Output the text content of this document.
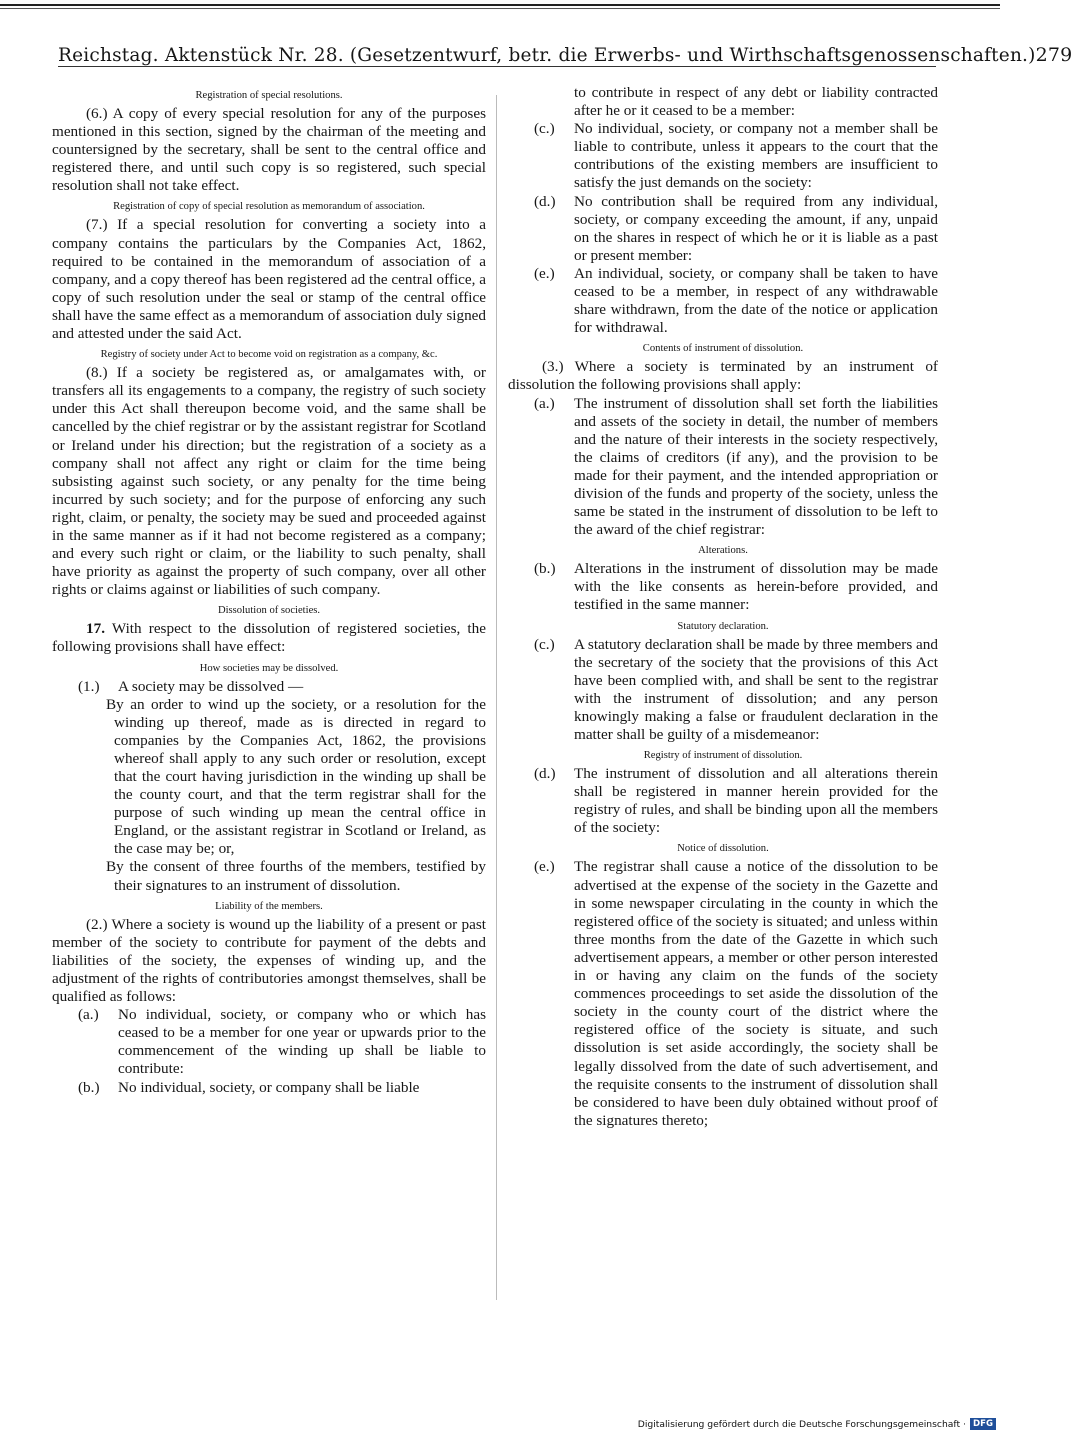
Reichstag. Aktenstück Nr. 28. (Gesetzentwurf, betr. die Erwerbs- und Wirthschaftsgenossenschaften.) 279
Registration of special resolutions.

(6.) A copy of every special resolution for any of the purposes mentioned in this section, signed by the chairman of the meeting and countersigned by the secretary, shall be sent to the central office and registered there, and until such copy is so registered, such special resolution shall not take effect.

Registration of copy of special resolution as memorandum of association.

(7.) If a special resolution for converting a society into a company contains the particulars by the Companies Act, 1862, required to be contained in the memorandum of association of a company, and a copy thereof has been registered ad the central office, a copy of such resolution under the seal or stamp of the central office shall have the same effect as a memorandum of association duly signed and attested under the said Act.

Registry of society under Act to become void on registration as a company, &c.

(8.) If a society be registered as, or amalgamates with, or transfers all its engagements to a company, the registry of such society under this Act shall thereupon become void, and the same shall be cancelled by the chief registrar or by the assistant registrar for Scotland or Ireland under his direction; but the registration of a society as a company shall not affect any right or claim for the time being subsisting against such society, or any penalty for the time being incurred by such society; and for the purpose of enforcing any such right, claim, or penalty, the society may be sued and proceeded against in the same manner as if it had not become registered as a company; and every such right or claim, or the liability to such penalty, shall have priority as against the property of such company, over all other rights or claims against or liabilities of such company.

Dissolution of societies.

17. With respect to the dissolution of registered societies, the following provisions shall have effect:

How societies may be dissolved.
(1.)	A society may be dissolved —

By an order to wind up the society, or a resolution for the winding up thereof, made as is directed in regard to companies by the Companies Act, 1862, the provisions whereof shall apply to any such order or resolution, except that the court having jurisdiction in the winding up shall be the county court, and that the term registrar shall for the purpose of such winding up mean the central office in England, or the assistant registrar in Scotland or Ireland, as the case may be; or,

By the consent of three fourths of the members, testified by their signatures to an instrument of dissolution.

Liability of the members.

(2.) Where a society is wound up the liability of a present or past member of the society to contribute for payment of the debts and liabilities of the society, the expenses of winding up, and the adjustment of the rights of contributories amongst themselves, shall be qualified as follows:

(a.)	No individual, society, or company who or which has ceased to be a member for one year or upwards prior to the commencement of the winding up shall be liable to contribute:
(b.)	No individual, society, or company shall be liable

to contribute in respect of any debt or liability contracted after he or it ceased to be a member:

(c.)	No individual, society, or company not a member shall be liable to contribute, unless it appears to the court that the contributions of the existing members are insufficient to satisfy the just demands on the society:
(d.)	No contribution shall be required from any individual, society, or company exceeding the amount, if any, unpaid on the shares in respect of which he or it is liable as a past or present member:
(e.)	An individual, society, or company shall be taken to have ceased to be a member, in respect of any withdrawable share withdrawn, from the date of the notice or application for withdrawal.
Contents of instrument of dissolution.

(3.) Where a society is terminated by an instrument of dissolution the following provisions shall apply:

(a.)	The instrument of dissolution shall set forth the liabilities and assets of the society in detail, the number of members and the nature of their interests in the society respectively, the claims of creditors (if any), and the provision to be made for their payment, and the intended appropriation or division of the funds and property of the society, unless the same be stated in the instrument of dissolution to be left to the award of the chief registrar:
Alterations.
(b.)	Alterations in the instrument of dissolution may be made with the like consents as herein-before provided, and testified in the same manner:
Statutory declaration.
(c.)	A statutory declaration shall be made by three members and the secretary of the society that the provisions of this Act have been complied with, and shall be sent to the registrar with the instrument of dissolution; and any person knowingly making a false or fraudulent declaration in the matter shall be guilty of a misdemeanor:
Registry of instrument of dissolution.
(d.)	The instrument of dissolution and all alterations therein shall be registered in manner herein provided for the registry of rules, and shall be binding upon all the members of the society:
Notice of dissolution.
(e.)	The registrar shall cause a notice of the dissolution to be advertised at the expense of the society in the Gazette and in some newspaper circulating in the county in which the registered office of the society is situated; and unless within three months from the date of the Gazette in which such advertisement appears, a member or other person interested in or having any claim on the funds of the society commences proceedings to set aside the dissolution of the society in the county court of the district where the registered office of the society is situate, and such dissolution is set aside accordingly, the society shall be legally dissolved from the date of such advertisement, and the requisite consents to the instrument of dissolution shall be considered to have been duly obtained without proof of the signatures thereto;
Digitalisierung gefördert durch die Deutsche Forschungsgemeinschaft · DFG
